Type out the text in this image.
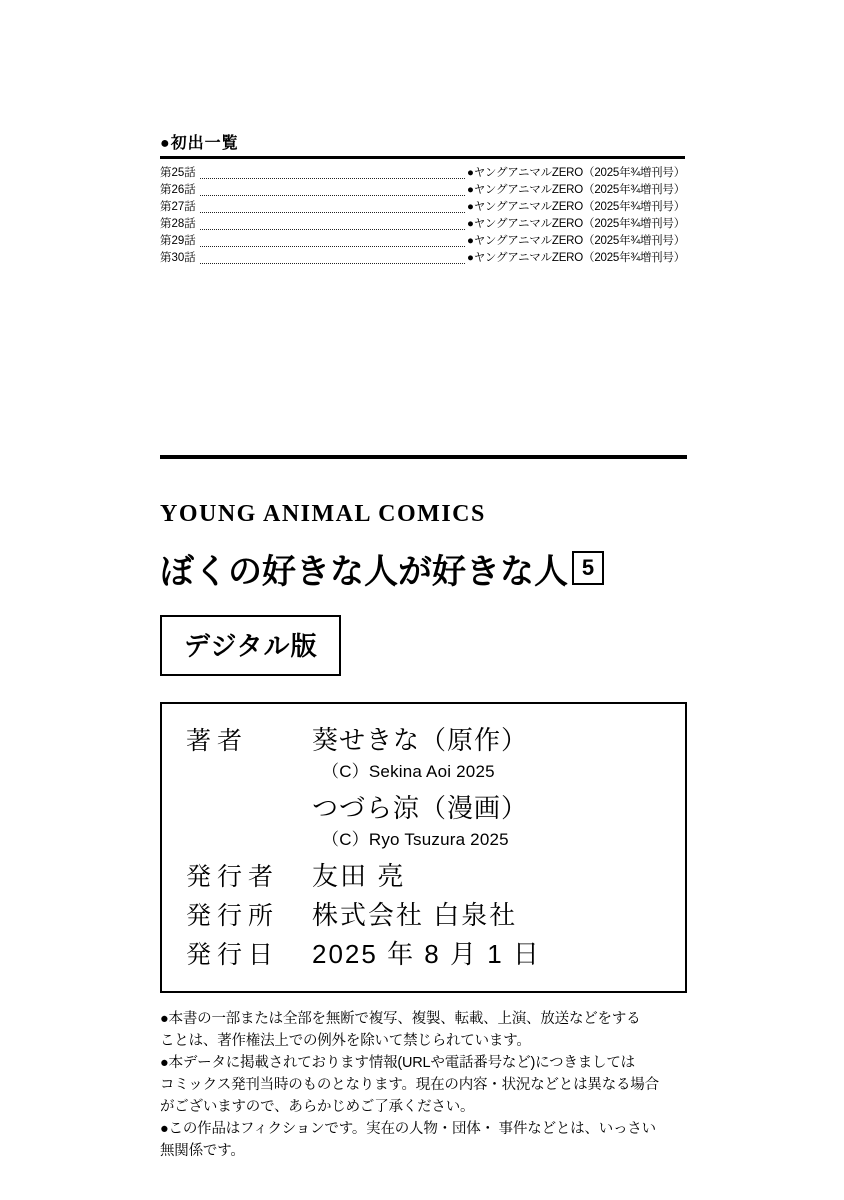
●初出一覧
第25話	●ヤングアニマルZERO（2025年¾増刊号）
第26話	●ヤングアニマルZERO（2025年¾増刊号）
第27話	●ヤングアニマルZERO（2025年¾増刊号）
第28話	●ヤングアニマルZERO（2025年¾増刊号）
第29話	●ヤングアニマルZERO（2025年¾増刊号）
第30話	●ヤングアニマルZERO（2025年¾増刊号）
YOUNG ANIMAL COMICS
ぼくの好きな人が好きな人 5
デジタル版
著者	葵せきな（原作）
（C）Sekina Aoi 2025
つづら涼（漫画）
（C）Ryo Tsuzura 2025
発行者	友田 亮
発行所	株式会社 白泉社
発行日	2025 年 8 月 1 日

●本書の一部または全部を無断で複写、複製、転載、上演、放送などをする

ことは、著作権法上での例外を除いて禁じられています。

●本データに掲載されております情報(URLや電話番号など)につきましては

コミックス発刊当時のものとなります。現在の内容・状況などとは異なる場合

がございますので、あらかじめご了承ください。

●この作品はフィクションです。実在の人物・団体・ 事件などとは、いっさい

無関係です。
